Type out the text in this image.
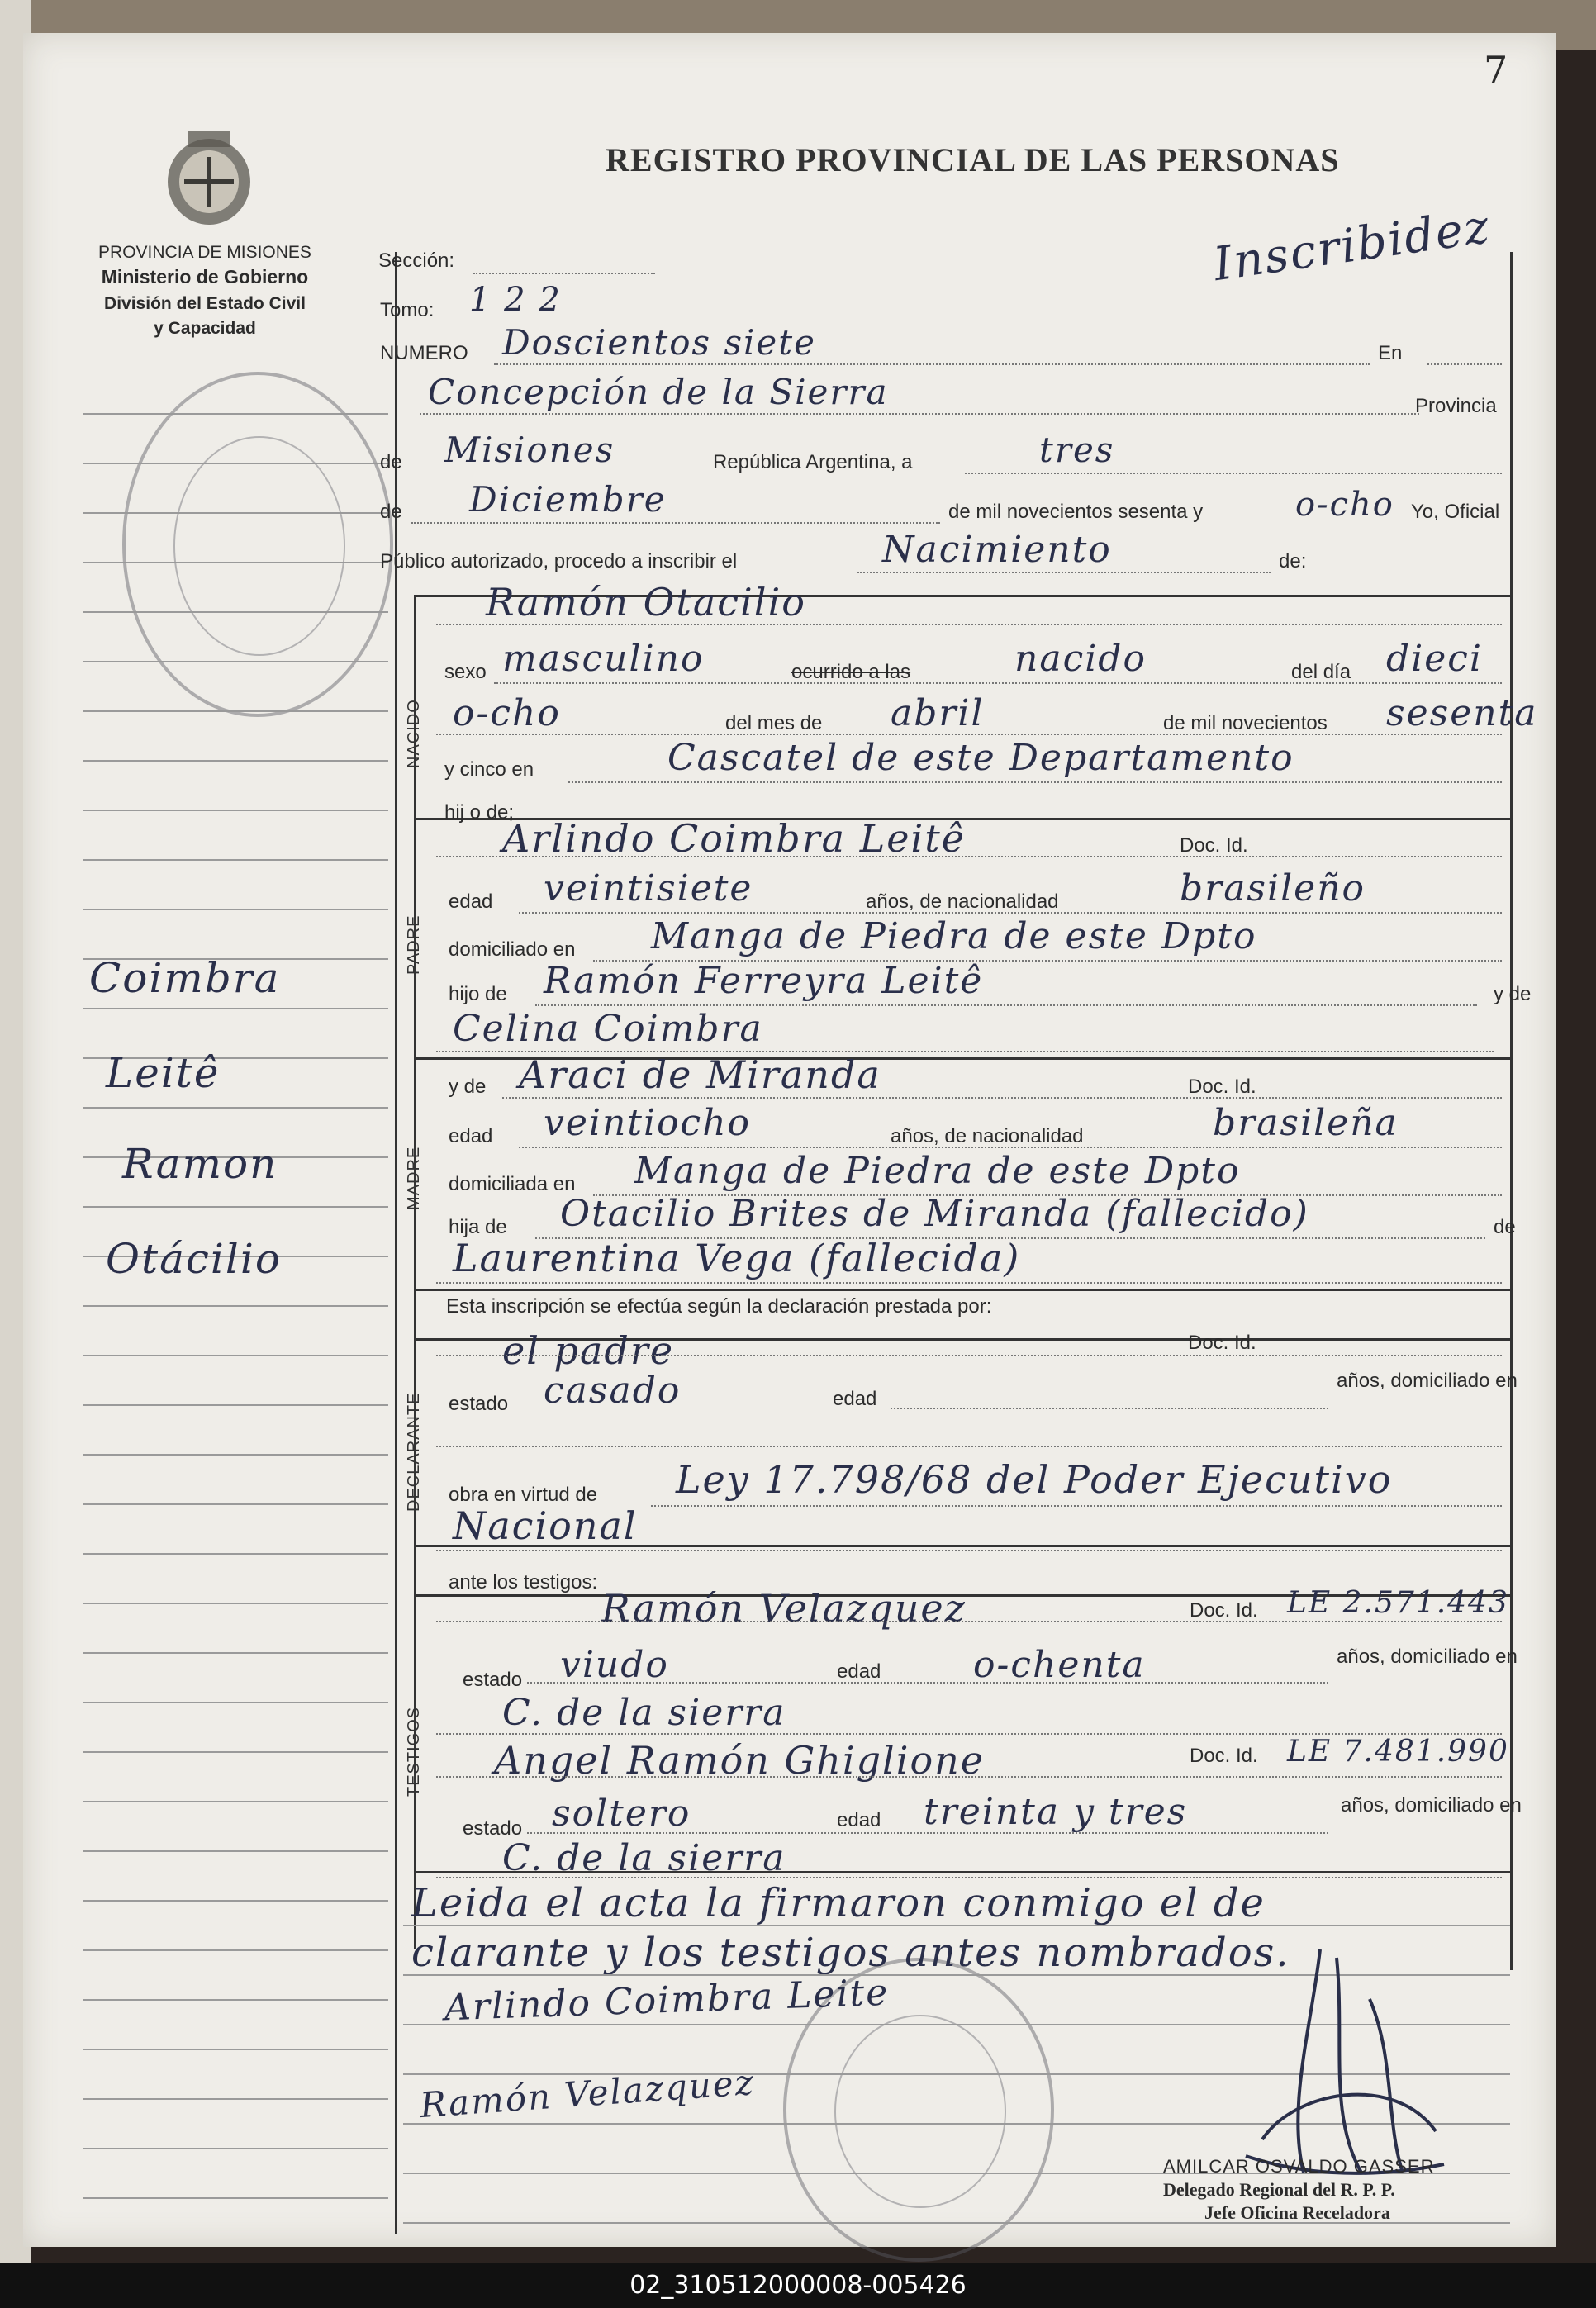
7
PROVINCIA DE MISIONES
Ministerio de Gobierno
División del Estado Civil
y Capacidad
REGISTRO PROVINCIAL DE LAS PERSONAS
Inscribidez
Coimbra
Leitê
Ramon
Otácilio
NACIDO
PADRE
MADRE
DECLARANTE
TESTIGOS
Sección:
Tomo: 1 2 2
NUMERO Doscientos siete	En
Concepción de la Sierra	Provincia
de Misiones	República Argentina, a	tres
de Diciembre	de mil novecientos sesenta y	o-cho Yo, Oficial
Público autorizado, procedo a inscribir el	Nacimiento	de:
Ramón Otacilio
sexo masculino	ocurrido a las	nacido	del día dieci
o-cho	del mes de abril	de mil novecientos sesenta
y cinco en	Cascatel de este Departamento
hij o de;
Arlindo Coimbra Leitê	Doc. Id.
edad veintisiete	años, de nacionalidad	brasileño
domiciliado en Manga de Piedra de este Dpto
hijo de Ramón Ferreyra Leitê	y de
Celina Coimbra
y de Araci de Miranda	Doc. Id.
edad veintiocho	años, de nacionalidad	brasileña
domiciliada en Manga de Piedra de este Dpto
hija de Otacilio Brites de Miranda (fallecido)	de
Laurentina Vega (fallecida)
Esta inscripción se efectúa según la declaración prestada por:
el padre	Doc. Id.
estado casado	edad
años, domiciliado en
obra en virtud de Ley 17.798/68 del Poder Ejecutivo
Nacional
ante los testigos:
Ramón Velazquez	Doc. Id. LE 2.571.443
estado viudo	edad	o-chenta	años, domiciliado en
C. de la sierra
Angel Ramón Ghiglione	Doc. Id. LE 7.481.990
estado soltero	edad treinta y tres	años, domiciliado en
C. de la sierra
Leida el acta la firmaron conmigo el de
clarante y los testigos antes nombrados.
Arlindo Coimbra Leite
Ramón Velazquez
AMILCAR OSVALDO GASSER
Delegado Regional del R. P. P.
Jefe Oficina Receladora
02_310512000008-005426
